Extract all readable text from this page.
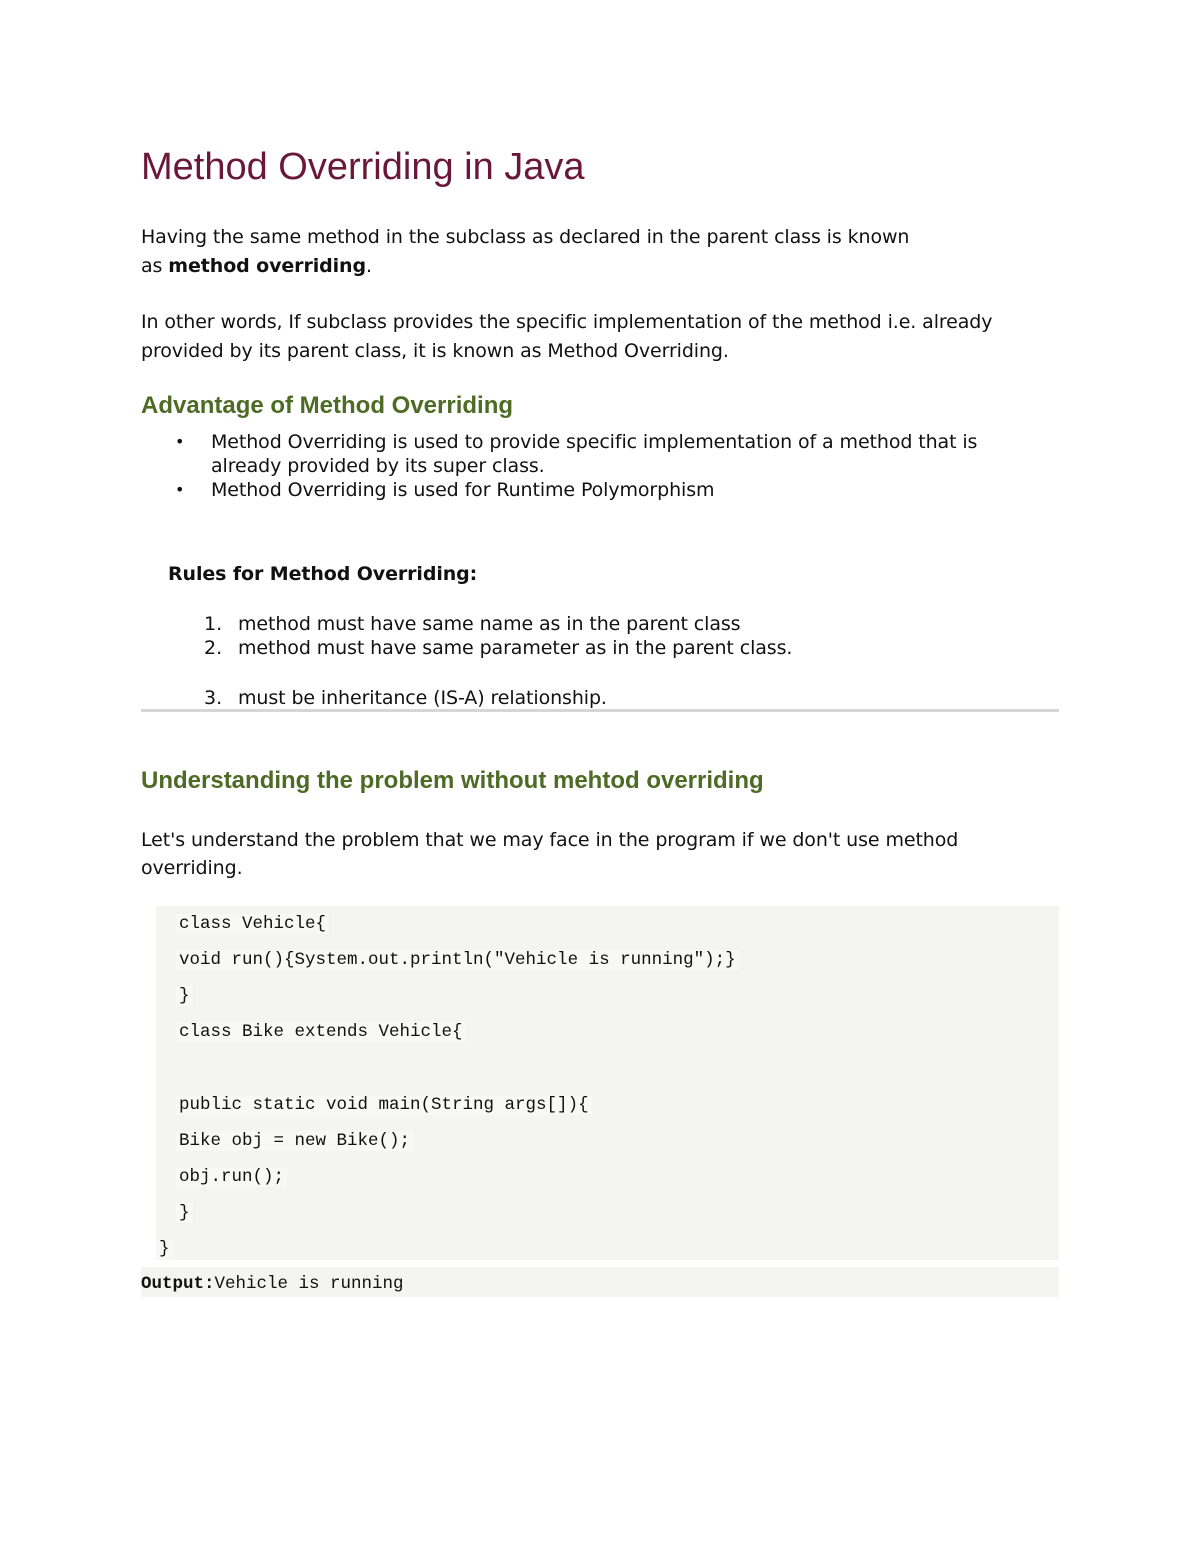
Method Overriding in Java
Having the same method in the subclass as declared in the parent class is known
as method overriding.
In other words, If subclass provides the specific implementation of the method i.e. already
provided by its parent class, it is known as Method Overriding.
Advantage of Method Overriding
• Method Overriding is used to provide specific implementation of a method that is
already provided by its super class.
• Method Overriding is used for Runtime Polymorphism
Rules for Method Overriding:
1. method must have same name as in the parent class
2. method must have same parameter as in the parent class.
3. must be inheritance (IS-A) relationship.
Understanding the problem without mehtod overriding
Let's understand the problem that we may face in the program if we don't use method
overriding.
class Vehicle{
void run(){System.out.println("Vehicle is running");}
}
class Bike extends Vehicle{
public static void main(String args[]){
Bike obj = new Bike();
obj.run();
}
}
Output:Vehicle is running
